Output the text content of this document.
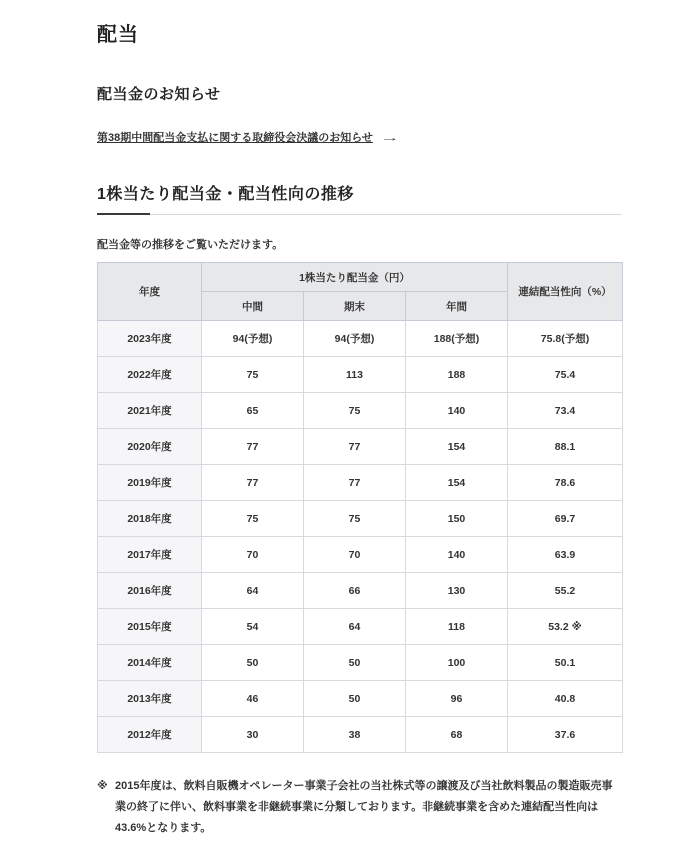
配当
配当金のお知らせ

第38期中間配当金支払に関する取締役会決議のお知らせ →

1株当たり配当金・配当性向の推移

配当金等の推移をご覧いただけます。

年度	1株当たり配当金（円）			連結配当性向（%）
	中間	期末	年間	
2023年度	94(予想)	94(予想)	188(予想)	75.8(予想)
2022年度	75	113	188	75.4
2021年度	65	75	140	73.4
2020年度	77	77	154	88.1
2019年度	77	77	154	78.6
2018年度	75	75	150	69.7
2017年度	70	70	140	63.9
2016年度	64	66	130	55.2
2015年度	54	64	118	53.2 ※
2014年度	50	50	100	50.1
2013年度	46	50	96	40.8
2012年度	30	38	68	37.6
※ 2015年度は、飲料自販機オペレーター事業子会社の当社株式等の譲渡及び当社飲料製品の製造販売事業の終了に伴い、飲料事業を非継続事業に分類しております。非継続事業を含めた連結配当性向は43.6%となります。
